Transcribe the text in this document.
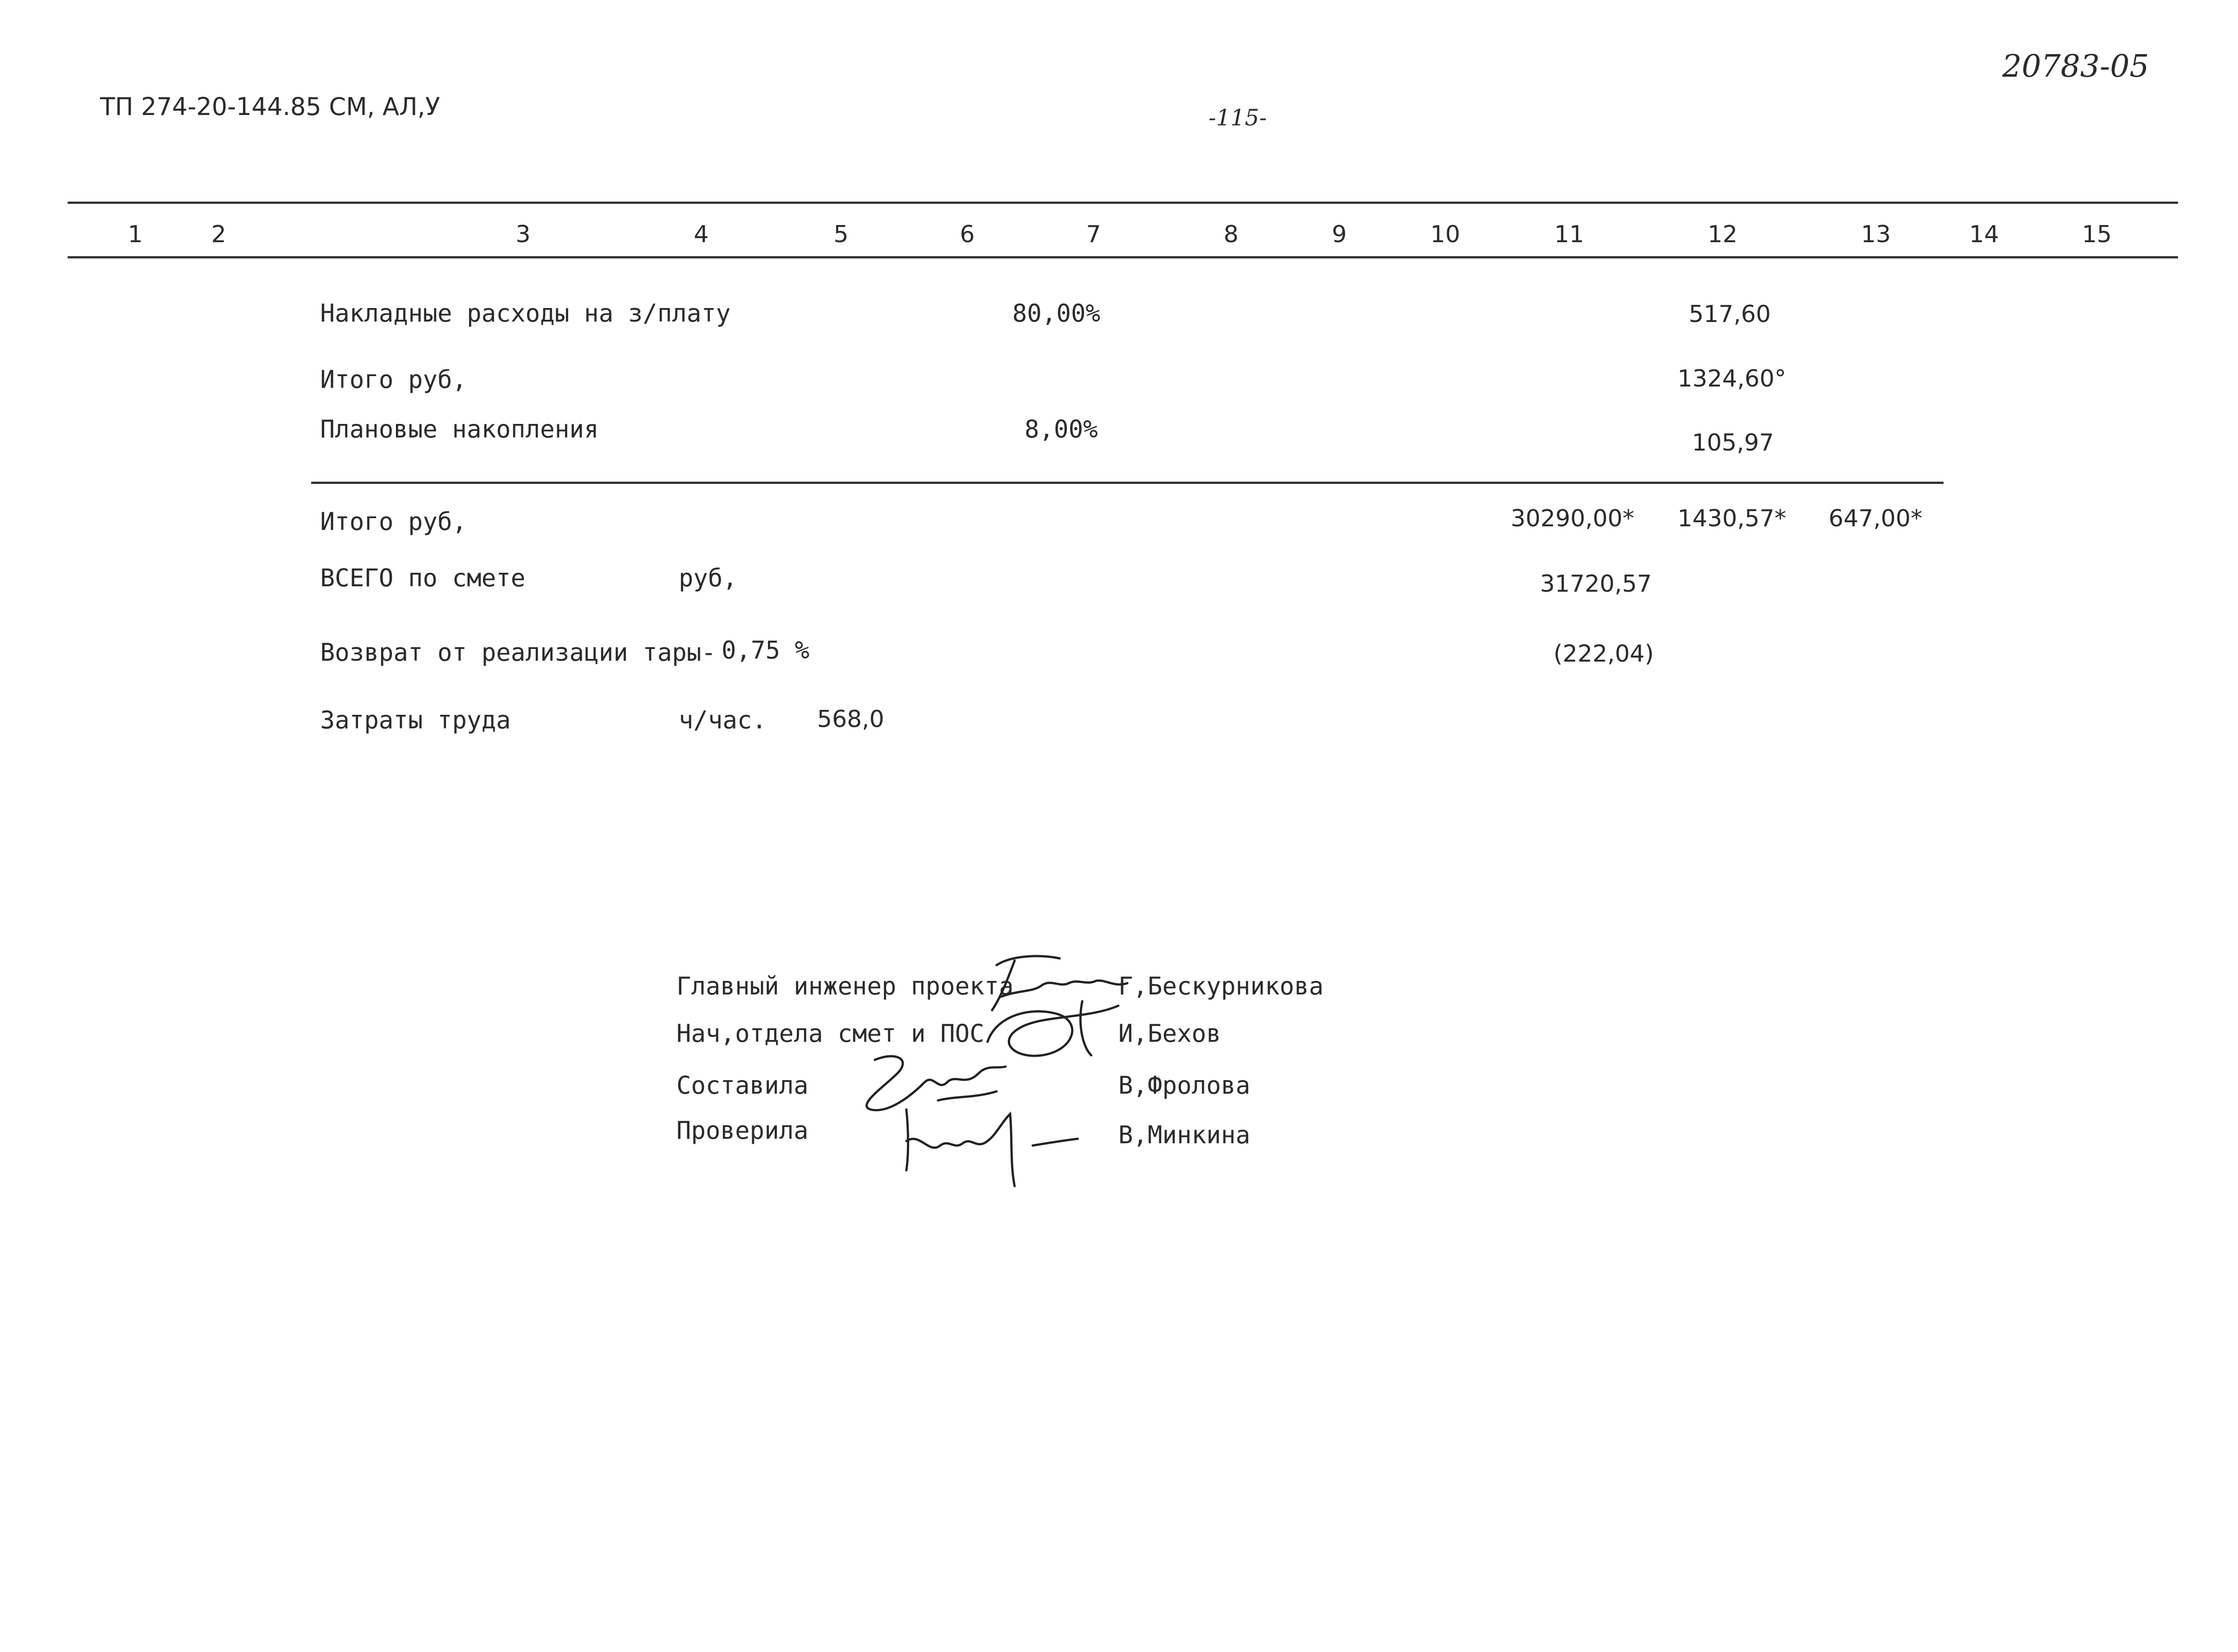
ТП 274-20-144.85 СМ, АЛ,У	-115-
20783-05
1	2	3	4	5	6	7	8	9	10	11	12	13	14	15
Накладные расходы на з/плату	80,00%	517,60
Итого руб,	1324,60°
Плановые накопления	8,00%	105,97
Итого руб,	30290,00* 1430,57* 647,00*
ВСЕГО по смете	руб,	31720,57
Возврат от реализации тары- 0,75 %	(222,04)
Затраты труда	ч/час. 568,0
Главный инженер проекта	Г,Бескурникова
Нач,отдела смет и ПОС	И,Бехов
Составила	В,Фролова
Проверила	В,Минкина
